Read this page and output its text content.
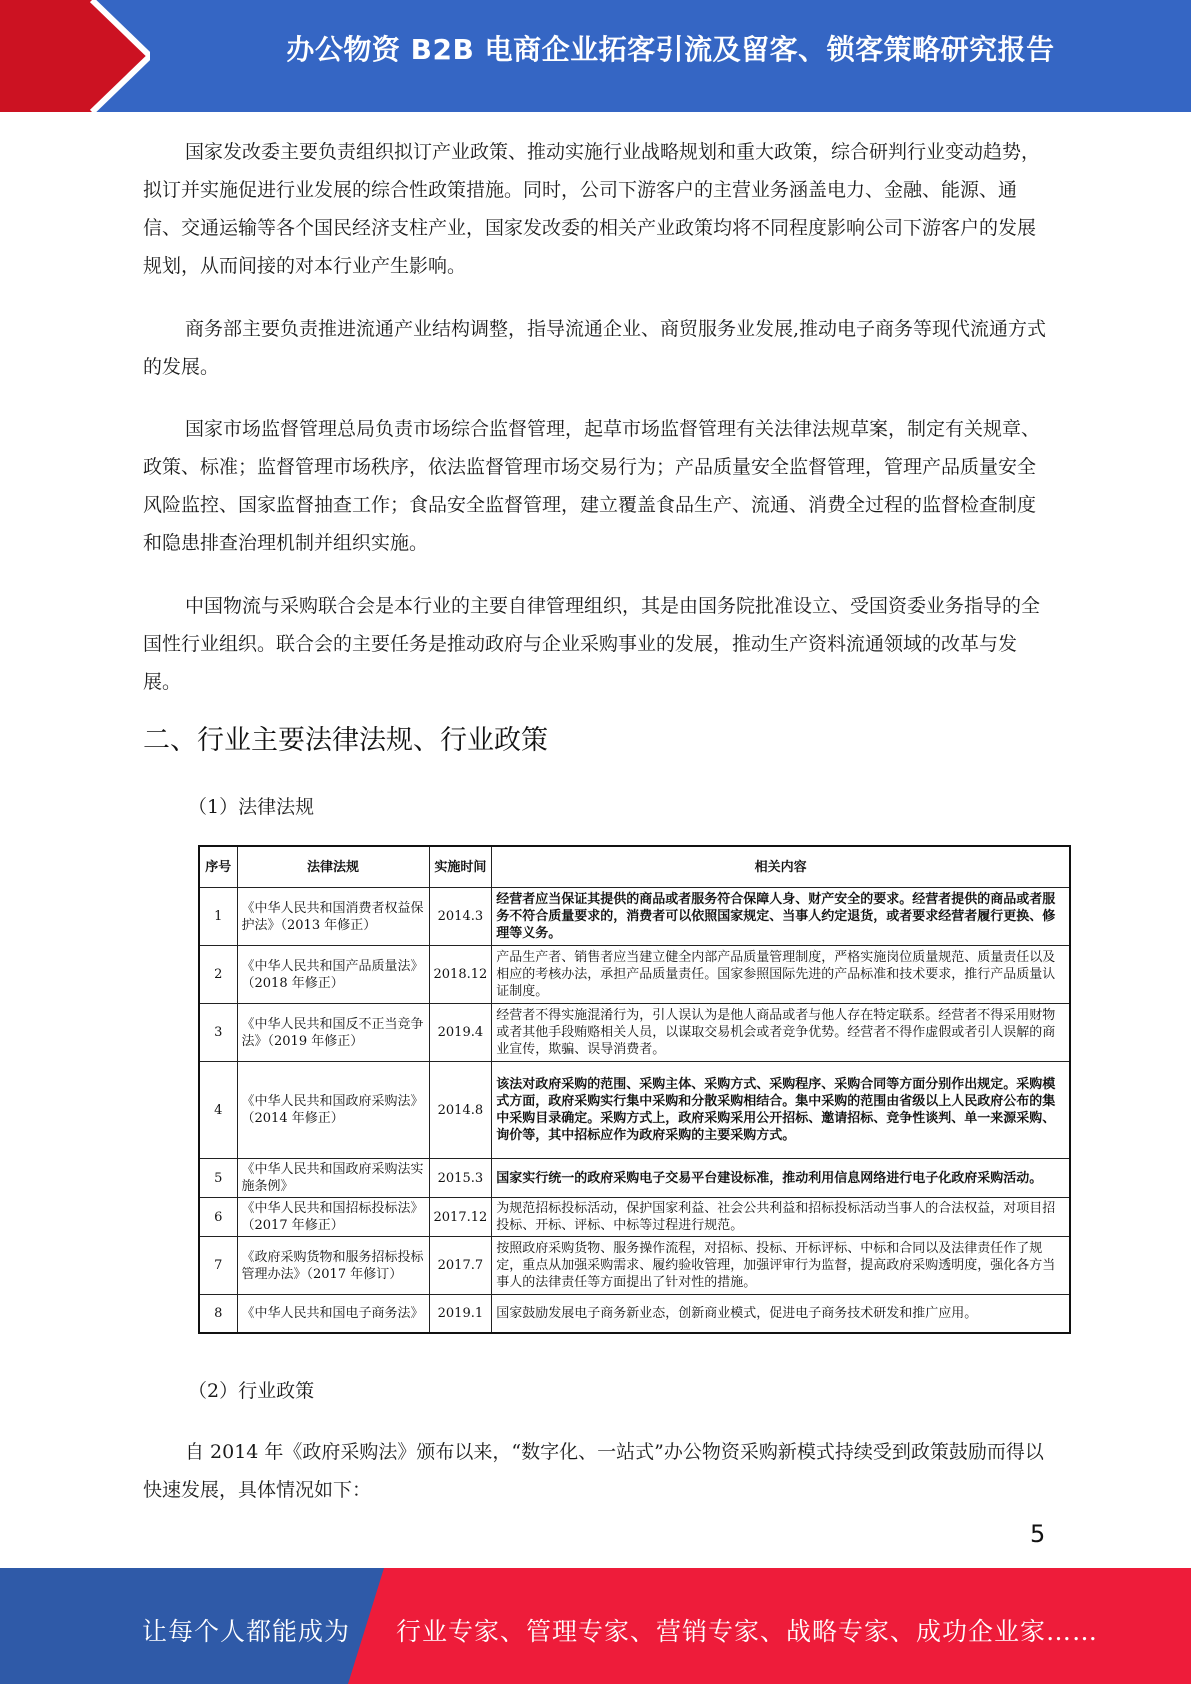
办公物资 B2B 电商企业拓客引流及留客、锁客策略研究报告

国家发改委主要负责组织拟订产业政策、推动实施行业战略规划和重大政策，综合研判行业变动趋势，拟订并实施促进行业发展的综合性政策措施。同时，公司下游客户的主营业务涵盖电力、金融、能源、通信、交通运输等各个国民经济支柱产业，国家发改委的相关产业政策均将不同程度影响公司下游客户的发展规划，从而间接的对本行业产生影响。

商务部主要负责推进流通产业结构调整，指导流通企业、商贸服务业发展,推动电子商务等现代流通方式的发展。

国家市场监督管理总局负责市场综合监督管理，起草市场监督管理有关法律法规草案，制定有关规章、政策、标准；监督管理市场秩序，依法监督管理市场交易行为；产品质量安全监督管理，管理产品质量安全风险监控、国家监督抽查工作；食品安全监督管理，建立覆盖食品生产、流通、消费全过程的监督检查制度和隐患排查治理机制并组织实施。

中国物流与采购联合会是本行业的主要自律管理组织，其是由国务院批准设立、受国资委业务指导的全国性行业组织。联合会的主要任务是推动政府与企业采购事业的发展，推动生产资料流通领域的改革与发展。

二、行业主要法律法规、行业政策
（1）法律法规
序号	法律法规	实施时间	相关内容
1	《中华人民共和国消费者权益保护法》（2013 年修正）	2014.3	经营者应当保证其提供的商品或者服务符合保障人身、财产安全的要求。经营者提供的商品或者服务不符合质量要求的，消费者可以依照国家规定、当事人约定退货，或者要求经营者履行更换、修理等义务。
2	《中华人民共和国产品质量法》（2018 年修正）	2018.12	产品生产者、销售者应当建立健全内部产品质量管理制度，严格实施岗位质量规范、质量责任以及相应的考核办法，承担产品质量责任。国家参照国际先进的产品标准和技术要求，推行产品质量认证制度。
3	《中华人民共和国反不正当竞争法》（2019 年修正）	2019.4	经营者不得实施混淆行为，引人误认为是他人商品或者与他人存在特定联系。经营者不得采用财物或者其他手段贿赂相关人员，以谋取交易机会或者竞争优势。经营者不得作虚假或者引人误解的商业宣传，欺骗、误导消费者。
4	《中华人民共和国政府采购法》（2014 年修正）	2014.8	该法对政府采购的范围、采购主体、采购方式、采购程序、采购合同等方面分别作出规定。采购模式方面，政府采购实行集中采购和分散采购相结合。集中采购的范围由省级以上人民政府公布的集中采购目录确定。采购方式上，政府采购采用公开招标、邀请招标、竞争性谈判、单一来源采购、询价等，其中招标应作为政府采购的主要采购方式。
5	《中华人民共和国政府采购法实施条例》	2015.3	国家实行统一的政府采购电子交易平台建设标准，推动利用信息网络进行电子化政府采购活动。
6	《中华人民共和国招标投标法》（2017 年修正）	2017.12	为规范招标投标活动，保护国家利益、社会公共利益和招标投标活动当事人的合法权益，对项目招投标、开标、评标、中标等过程进行规范。
7	《政府采购货物和服务招标投标管理办法》（2017 年修订）	2017.7	按照政府采购货物、服务操作流程，对招标、投标、开标评标、中标和合同以及法律责任作了规定，重点从加强采购需求、履约验收管理，加强评审行为监督，提高政府采购透明度，强化各方当事人的法律责任等方面提出了针对性的措施。
8	《中华人民共和国电子商务法》	2019.1	国家鼓励发展电子商务新业态，创新商业模式，促进电子商务技术研发和推广应用。
（2）行业政策

自 2014 年《政府采购法》颁布以来，“数字化、一站式”办公物资采购新模式持续受到政策鼓励而得以快速发展，具体情况如下：

5
让每个人都能成为 行业专家、管理专家、营销专家、战略专家、成功企业家……
